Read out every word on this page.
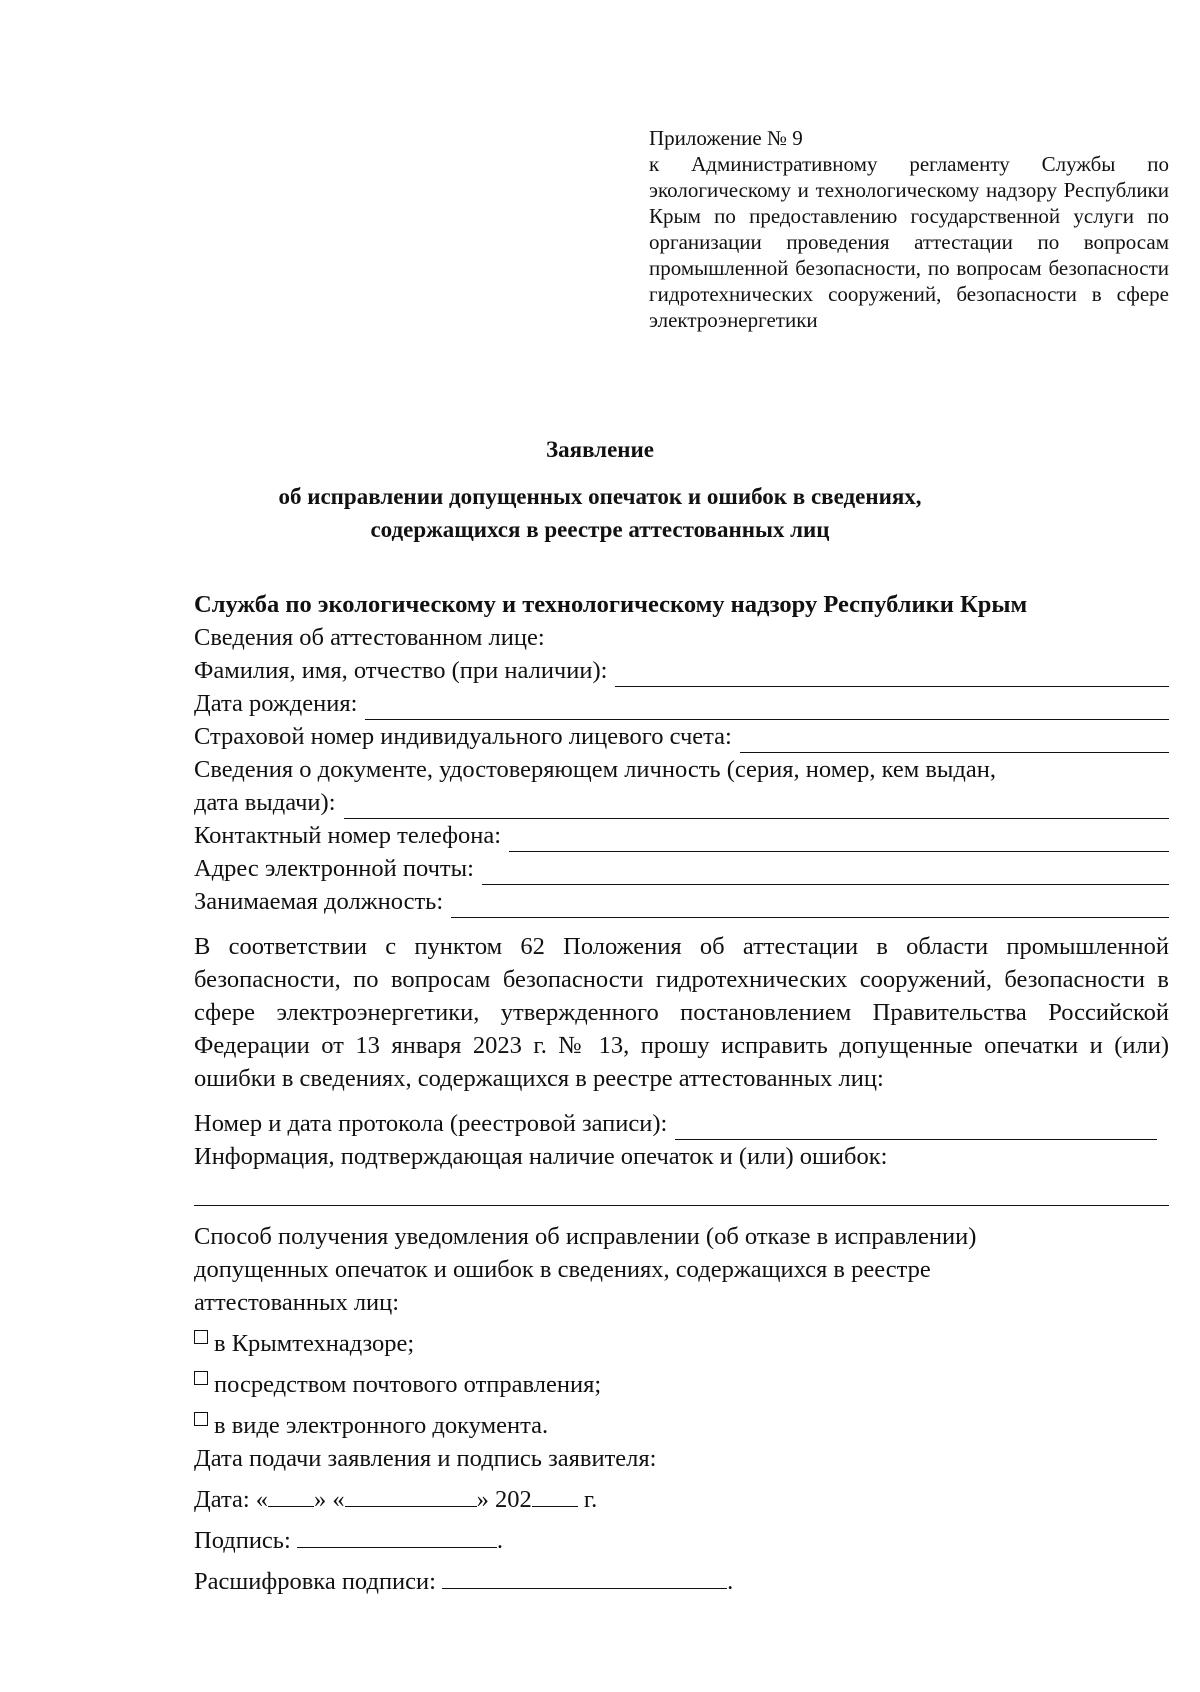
Приложение № 9
к Административному регламенту Службы по экологическому и технологическому надзору Республики Крым по предоставлению государственной услуги по организации проведения аттестации по вопросам промышленной безопасности, по вопросам безопасности гидротехнических сооружений, безопасности в сфере электроэнергетики
Заявление
об исправлении допущенных опечаток и ошибок в сведениях,
содержащихся в реестре аттестованных лиц
Служба по экологическому и технологическому надзору Республики Крым
Сведения об аттестованном лице:
Фамилия, имя, отчество (при наличии):
Дата рождения:
Страховой номер индивидуального лицевого счета:
Сведения о документе, удостоверяющем личность (серия, номер, кем выдан,
дата выдачи):
Контактный номер телефона:
Адрес электронной почты:
Занимаемая должность:

В соответствии с пунктом 62 Положения об аттестации в области промышленной безопасности, по вопросам безопасности гидротехнических сооружений, безопасности в сфере электроэнергетики, утвержденного постановлением Правительства Российской Федерации от 13 января 2023 г. № 13, прошу исправить допущенные опечатки и (или) ошибки в сведениях, содержащихся в реестре аттестованных лиц:

Номер и дата протокола (реестровой записи):
Информация, подтверждающая наличие опечаток и (или) ошибок:
Способ получения уведомления об исправлении (об отказе в исправлении)
допущенных опечаток и ошибок в сведениях, содержащихся в реестре
аттестованных лиц:
в Крымтехнадзоре;
посредством почтового отправления;
в виде электронного документа.
Дата подачи заявления и подпись заявителя:
Дата: « » «	» 202 г.
Подпись:	.
Расшифровка подписи:	.
